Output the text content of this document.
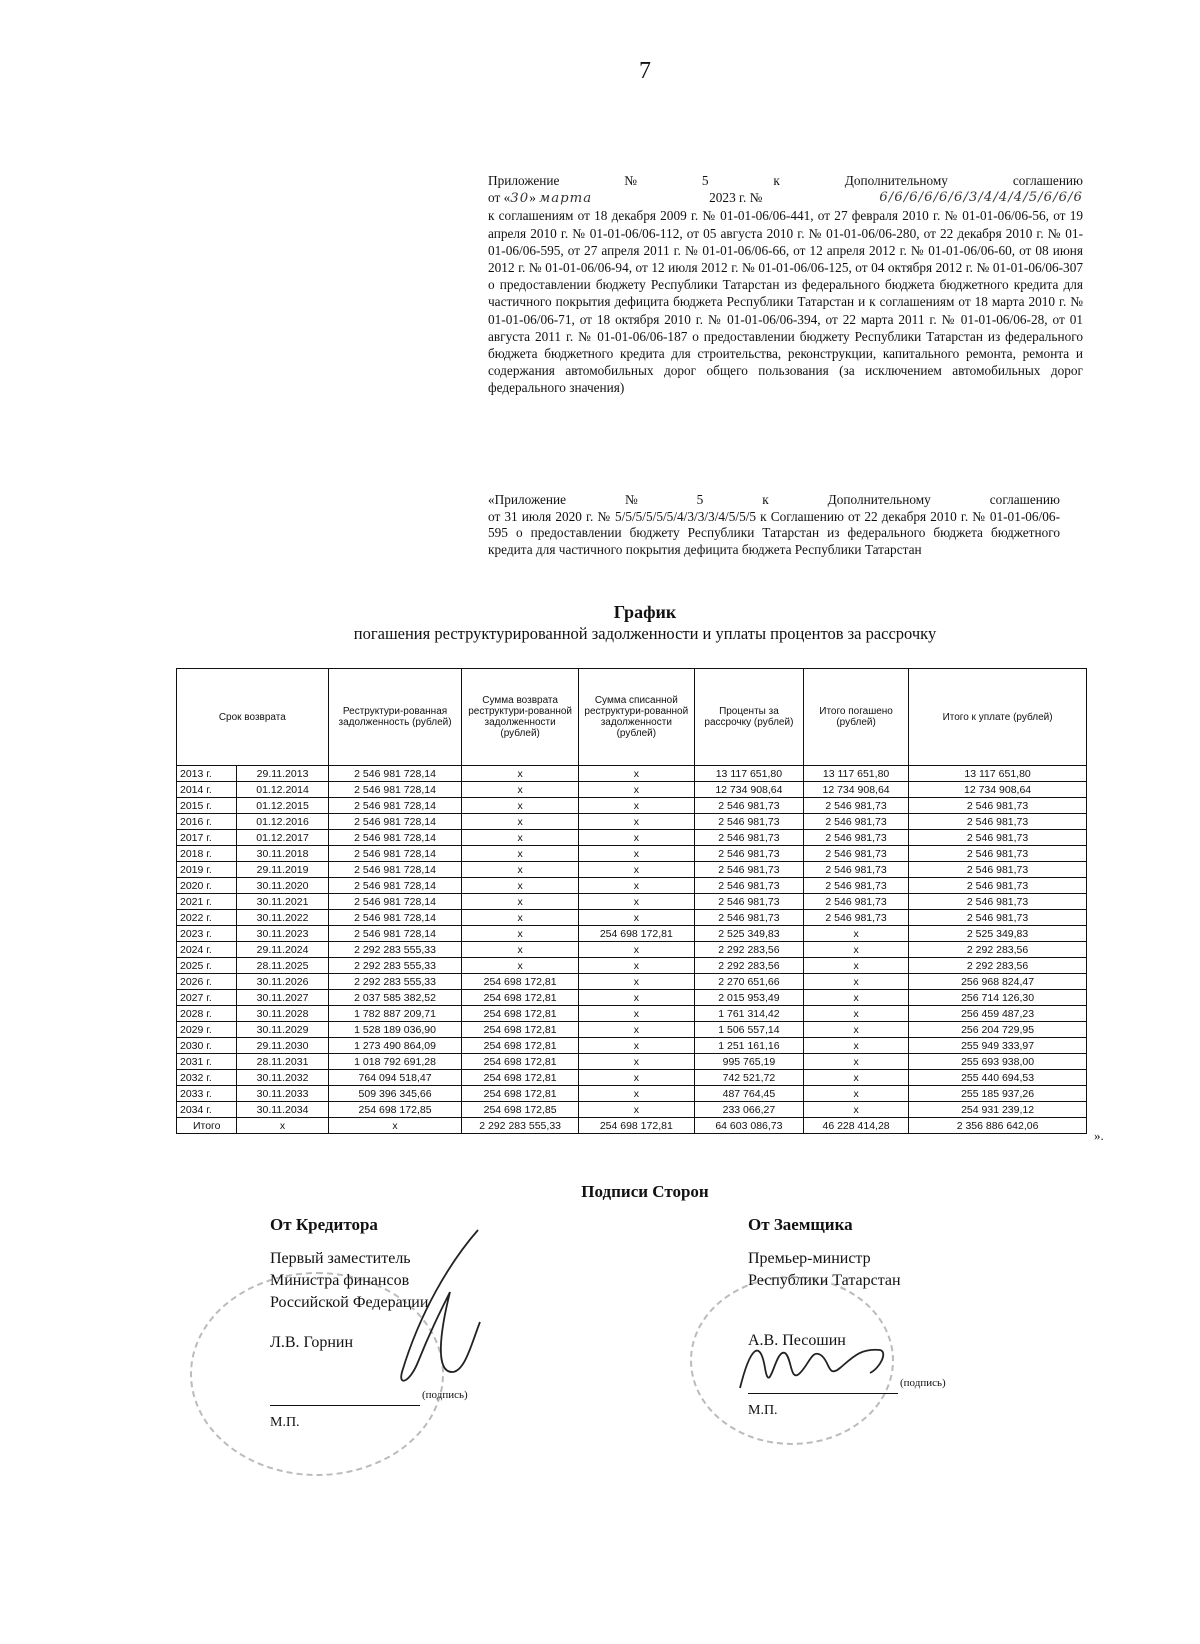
7
Приложение	№	5	к	Дополнительному	соглашению
от «30» марта	2023 г. №	6/6/6/6/6/6/3/4/4/4/5/6/6/6
к соглашениям от 18 декабря 2009 г. № 01-01-06/06-441, от 27 февраля 2010 г. № 01-01-06/06-56, от 19 апреля 2010 г. № 01-01-06/06-112, от 05 августа 2010 г. № 01-01-06/06-280, от 22 декабря 2010 г. № 01-01-06/06-595, от 27 апреля 2011 г. № 01-01-06/06-66, от 12 апреля 2012 г. № 01-01-06/06-60, от 08 июня 2012 г. № 01-01-06/06-94, от 12 июля 2012 г. № 01-01-06/06-125, от 04 октября 2012 г. № 01-01-06/06-307 о предоставлении бюджету Республики Татарстан из федерального бюджета бюджетного кредита для частичного покрытия дефицита бюджета Республики Татарстан и к соглашениям от 18 марта 2010 г. № 01-01-06/06-71, от 18 октября 2010 г. № 01-01-06/06-394, от 22 марта 2011 г. № 01-01-06/06-28, от 01 августа 2011 г. № 01-01-06/06-187 о предоставлении бюджету Республики Татарстан из федерального бюджета бюджетного кредита для строительства, реконструкции, капитального ремонта, ремонта и содержания автомобильных дорог общего пользования (за исключением автомобильных дорог федерального значения)
«Приложение	№	5	к	Дополнительному	соглашению
от 31 июля 2020 г. № 5/5/5/5/5/5/4/3/3/3/4/5/5/5 к Соглашению от 22 декабря 2010 г. № 01-01-06/06-595 о предоставлении бюджету Республики Татарстан из федерального бюджета бюджетного кредита для частичного покрытия дефицита бюджета Республики Татарстан
График
погашения реструктурированной задолженности и уплаты процентов за рассрочку
Срок возврата		Реструктури-рованная задолженность (рублей)	Сумма возврата реструктури-рованной задолженности (рублей)	Сумма списанной реструктури-рованной задолженности (рублей)	Проценты за рассрочку (рублей)	Итого погашено (рублей)	Итого к уплате (рублей)
2013 г.	29.11.2013	2 546 981 728,14	x	x	13 117 651,80	13 117 651,80	13 117 651,80
2014 г.	01.12.2014	2 546 981 728,14	x	x	12 734 908,64	12 734 908,64	12 734 908,64
2015 г.	01.12.2015	2 546 981 728,14	x	x	2 546 981,73	2 546 981,73	2 546 981,73
2016 г.	01.12.2016	2 546 981 728,14	x	x	2 546 981,73	2 546 981,73	2 546 981,73
2017 г.	01.12.2017	2 546 981 728,14	x	x	2 546 981,73	2 546 981,73	2 546 981,73
2018 г.	30.11.2018	2 546 981 728,14	x	x	2 546 981,73	2 546 981,73	2 546 981,73
2019 г.	29.11.2019	2 546 981 728,14	x	x	2 546 981,73	2 546 981,73	2 546 981,73
2020 г.	30.11.2020	2 546 981 728,14	x	x	2 546 981,73	2 546 981,73	2 546 981,73
2021 г.	30.11.2021	2 546 981 728,14	x	x	2 546 981,73	2 546 981,73	2 546 981,73
2022 г.	30.11.2022	2 546 981 728,14	x	x	2 546 981,73	2 546 981,73	2 546 981,73
2023 г.	30.11.2023	2 546 981 728,14	x	254 698 172,81	2 525 349,83	x	2 525 349,83
2024 г.	29.11.2024	2 292 283 555,33	x	x	2 292 283,56	x	2 292 283,56
2025 г.	28.11.2025	2 292 283 555,33	x	x	2 292 283,56	x	2 292 283,56
2026 г.	30.11.2026	2 292 283 555,33	254 698 172,81	x	2 270 651,66	x	256 968 824,47
2027 г.	30.11.2027	2 037 585 382,52	254 698 172,81	x	2 015 953,49	x	256 714 126,30
2028 г.	30.11.2028	1 782 887 209,71	254 698 172,81	x	1 761 314,42	x	256 459 487,23
2029 г.	30.11.2029	1 528 189 036,90	254 698 172,81	x	1 506 557,14	x	256 204 729,95
2030 г.	29.11.2030	1 273 490 864,09	254 698 172,81	x	1 251 161,16	x	255 949 333,97
2031 г.	28.11.2031	1 018 792 691,28	254 698 172,81	x	995 765,19	x	255 693 938,00
2032 г.	30.11.2032	764 094 518,47	254 698 172,81	x	742 521,72	x	255 440 694,53
2033 г.	30.11.2033	509 396 345,66	254 698 172,81	x	487 764,45	x	255 185 937,26
2034 г.	30.11.2034	254 698 172,85	254 698 172,85	x	233 066,27	x	254 931 239,12
Итого	x	x	2 292 283 555,33	254 698 172,81	64 603 086,73	46 228 414,28	2 356 886 642,06
».
Подписи Сторон
От Кредитора
Первый заместитель
Министра финансов
Российской Федерации
Л.В. Горнин
(подпись)
М.П.
От Заемщика
Премьер-министр
Республики Татарстан
А.В. Песошин
(подпись)
М.П.
